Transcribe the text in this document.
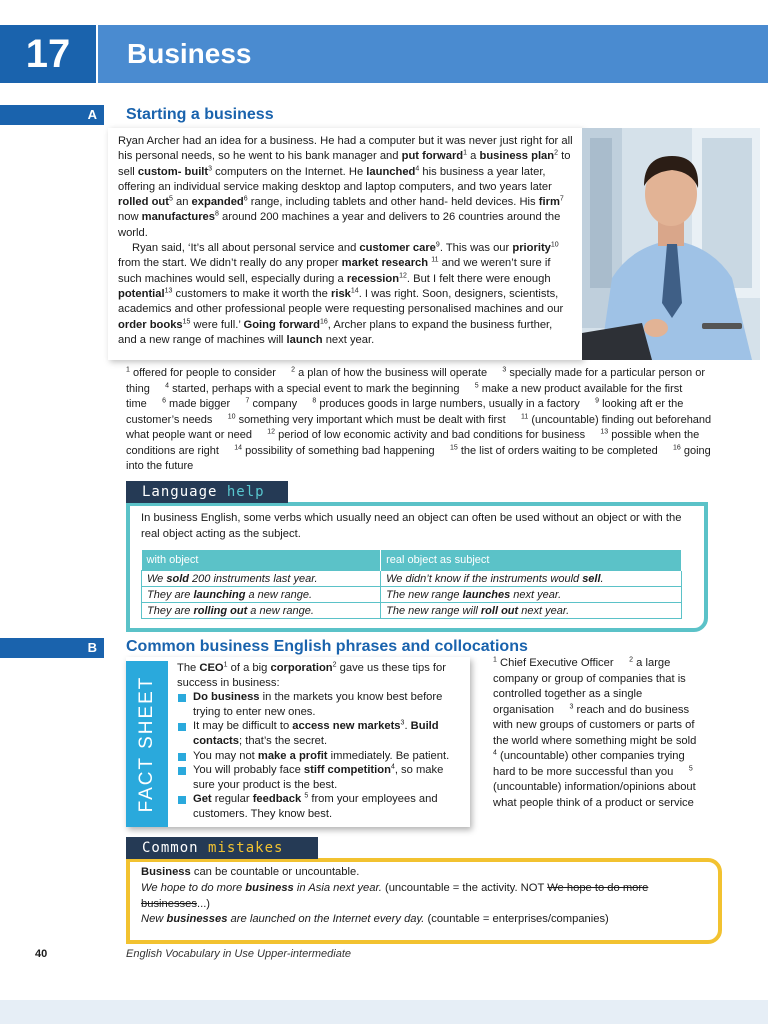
17	Business
A	Starting a business

Ryan Archer had an idea for a business. He had a computer but it was never just right for all his personal needs, so he went to his bank manager and put forward$^1$ a business plan$^2$ to sell custom- built$^3$ computers on the Internet. He launched$^4$ his business a year later, offering an individual service making desktop and laptop computers, and two years later rolled out$^5$ an expanded$^6$ range, including tablets and other hand- held devices. His firm$^7$ now manufactures$^8$ around 200 machines a year and delivers to 26 countries around the world.

Ryan said, ‘It’s all about personal service and customer care$^9$. This was our priority$^{10}$ from the start. We didn’t really do any proper market research $^{11}$ and we weren’t sure if such machines would sell, especially during a recession$^{12}$. But I felt there were enough potential$^{13}$ customers to make it worth the risk$^{14}$. I was right. Soon, designers, scientists, academics and other professional people were requesting personalised machines and our order books$^{15}$ were full.’ Going forward$^{16}$, Archer plans to expand the business further, and a new range of machines will launch next year.

$^1$ offered for people to consider $^2$ a plan of how the business will operate $^3$ specially made for a particular person or thing $^4$ started, perhaps with a special event to mark the beginning $^5$ make a new product available for the first time $^6$ made bigger $^7$ company $^8$ produces goods in large numbers, usually in a factory $^9$ looking aft er the customer’s needs $^{10}$ something very important which must be dealt with first $^{11}$ (uncountable) finding out beforehand what people want or need $^{12}$ period of low economic activity and bad conditions for business $^{13}$ possible when the conditions are right $^{14}$ possibility of something bad happening $^{15}$ the list of orders waiting to be completed $^{16}$ going into the future
Language help
In business English, some verbs which usually need an object can often be used without an object or with the real object acting as the subject.
with object	real object as subject
We sold 200 instruments last year.	We didn’t know if the instruments would sell.
They are launching a new range.	The new range launches next year.
They are rolling out a new range.	The new range will roll out next year.
B	Common business English phrases and collocations
FACT SHEET
The CEO$^1$ of a big corporation$^2$ gave us these tips for success in business:
Do business in the markets you know best before trying to enter new ones.
It may be difficult to access new markets$^3$. Build contacts; that’s the secret.
You may not make a profit immediately. Be patient.
You will probably face stiff competition$^4$, so make sure your product is the best.
Get regular feedback $^5$ from your employees and customers. They know best.
$^1$ Chief Executive Officer $^2$ a large company or group of companies that is controlled together as a single organisation $^3$ reach and do business with new groups of customers or parts of the world where something might be sold     $^4$ (uncountable) other companies trying hard to be more successful than you $^5$ (uncountable) information/opinions about what people think of a product or service
Common mistakes

Business can be countable or uncountable.

We hope to do more business in Asia next year. (uncountable = the activity. NOT We hope to do more businesses...)

New businesses are launched on the Internet every day. (countable = enterprises/companies)

40	English Vocabulary in Use Upper-intermediate
